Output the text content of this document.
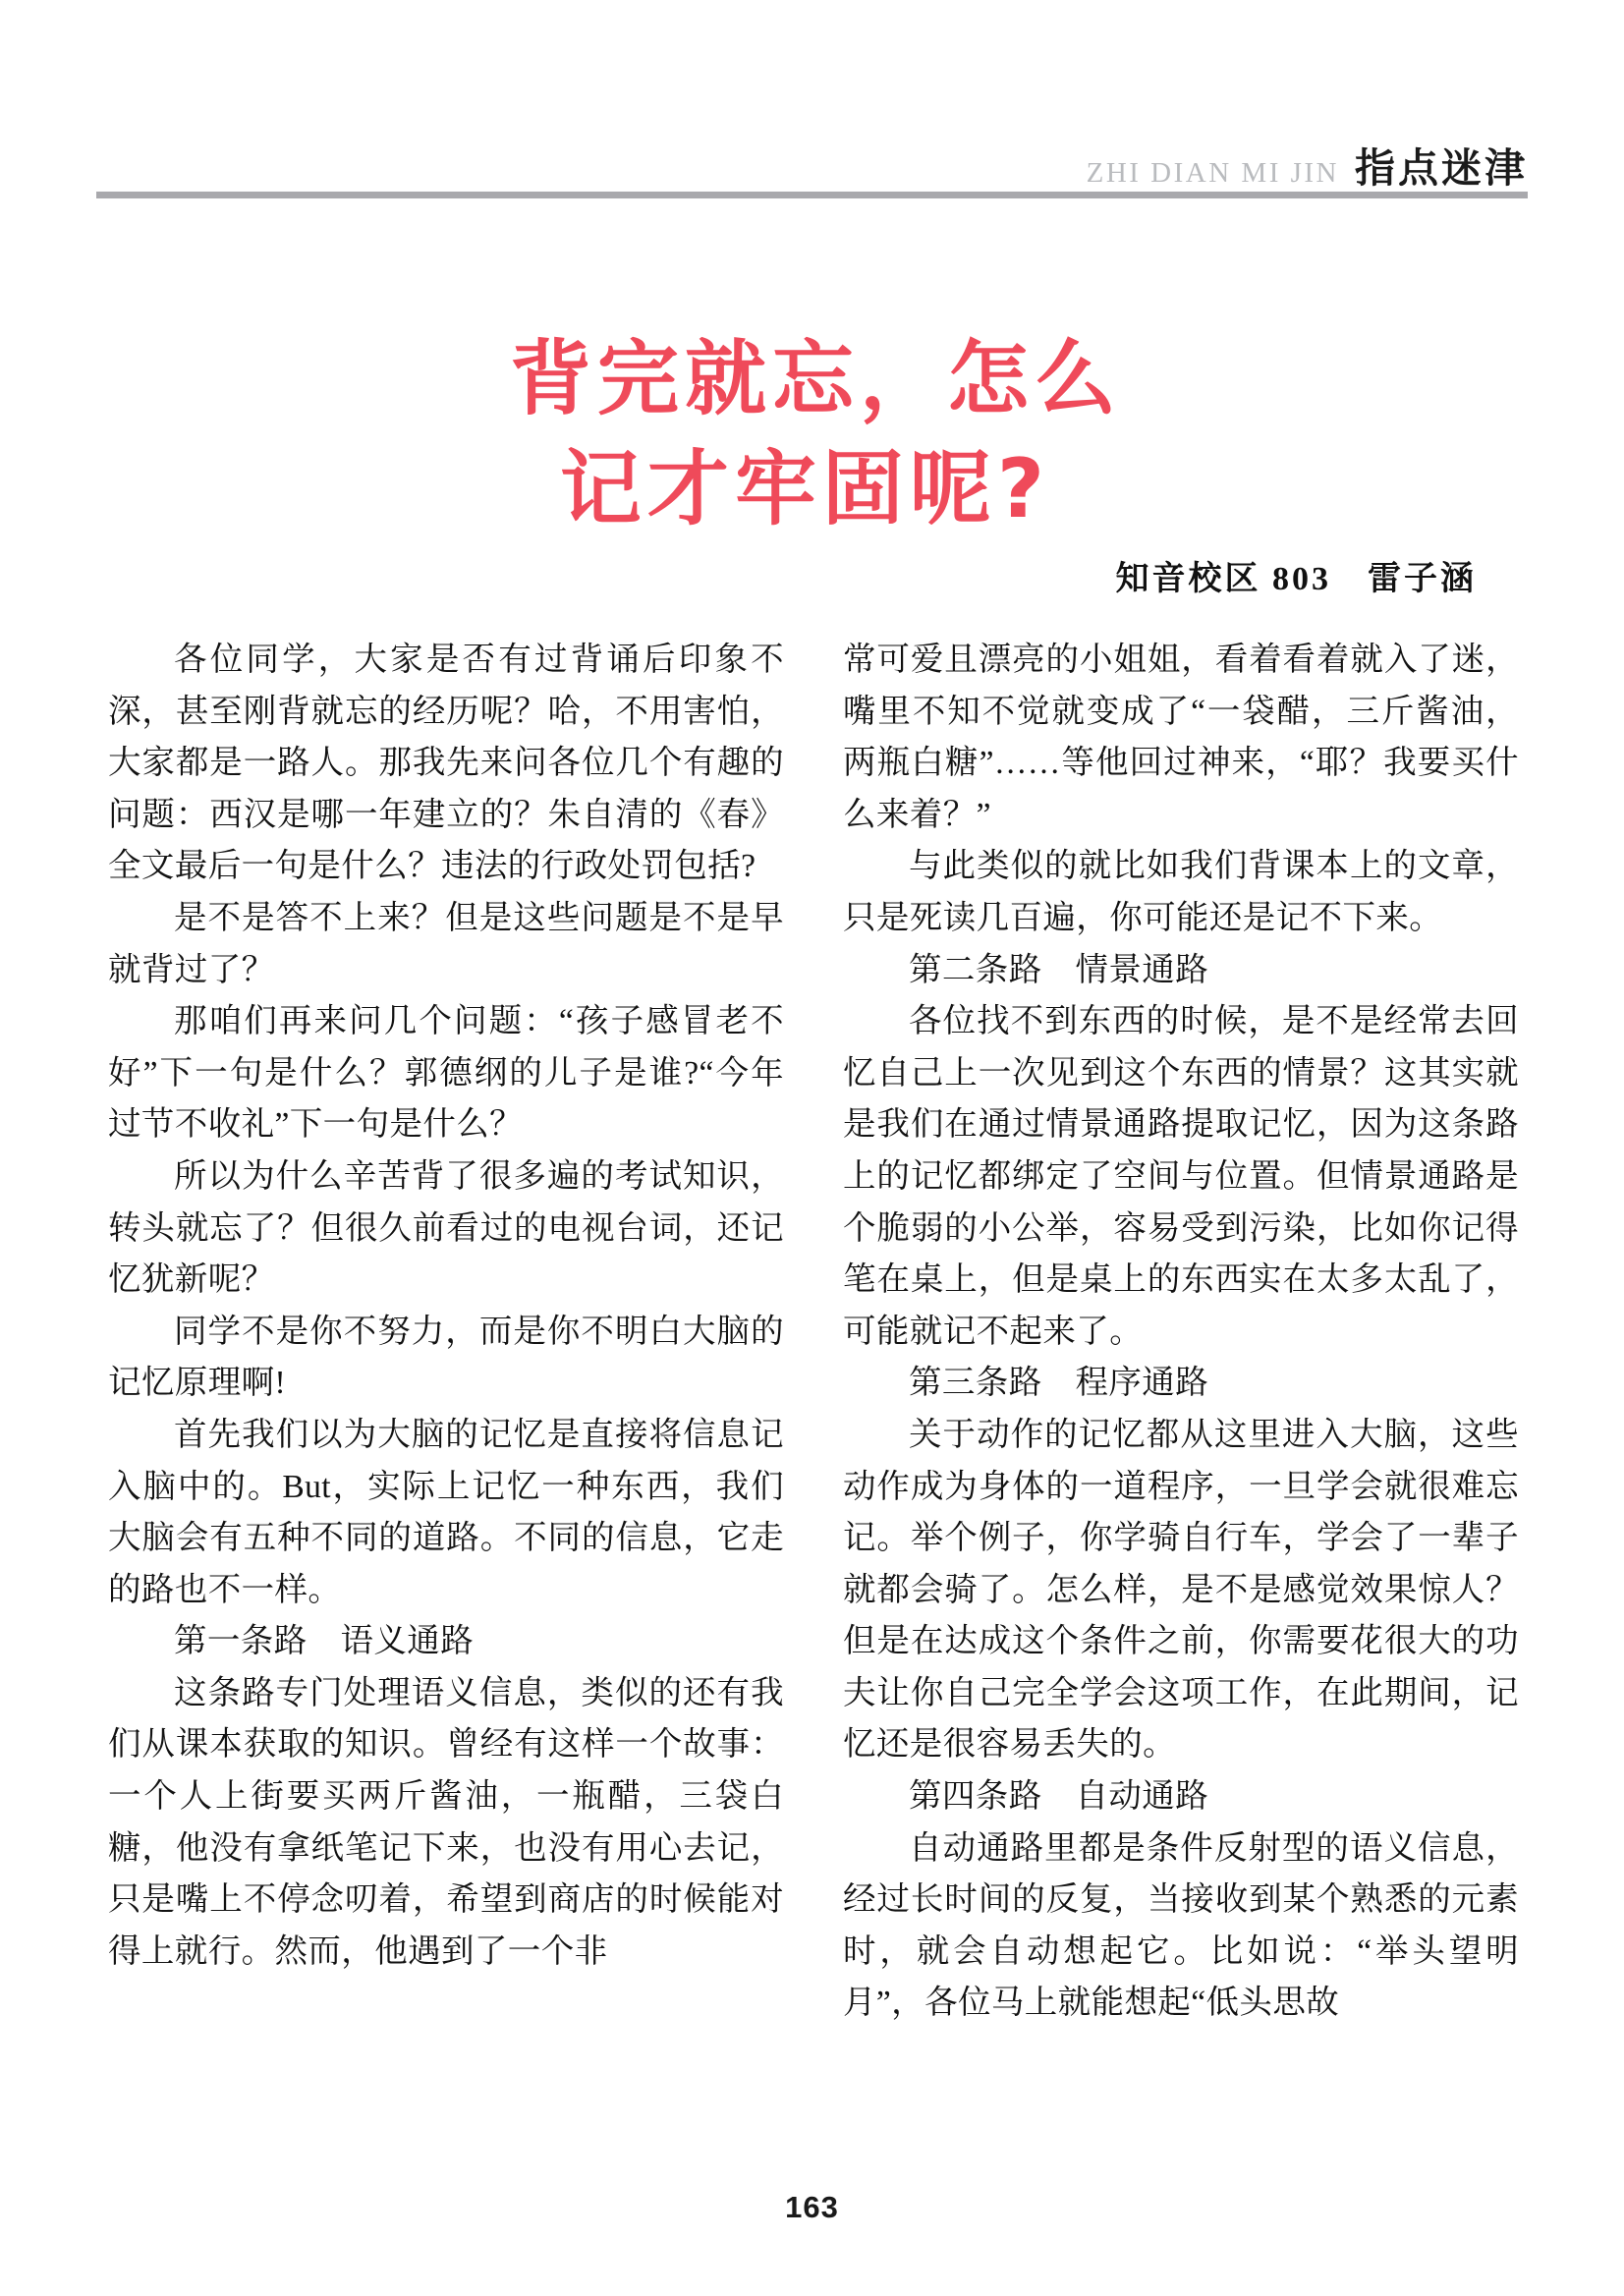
ZHI DIAN MI JIN 指点迷津
背完就忘，怎么
记才牢固呢?
知音校区 803　雷子涵

各位同学，大家是否有过背诵后印象不深，甚至刚背就忘的经历呢？哈，不用害怕，大家都是一路人。那我先来问各位几个有趣的问题：西汉是哪一年建立的？朱自清的《春》全文最后一句是什么？违法的行政处罚包括?

是不是答不上来？但是这些问题是不是早就背过了？

那咱们再来问几个问题：“孩子感冒老不好”下一句是什么？郭德纲的儿子是谁?“今年过节不收礼”下一句是什么？

所以为什么辛苦背了很多遍的考试知识，转头就忘了？但很久前看过的电视台词，还记忆犹新呢？

同学不是你不努力，而是你不明白大脑的记忆原理啊!

首先我们以为大脑的记忆是直接将信息记入脑中的。But，实际上记忆一种东西，我们大脑会有五种不同的道路。不同的信息，它走的路也不一样。

第一条路　语义通路

这条路专门处理语义信息，类似的还有我们从课本获取的知识。曾经有这样一个故事：一个人上街要买两斤酱油，一瓶醋，三袋白糖，他没有拿纸笔记下来，也没有用心去记，只是嘴上不停念叨着，希望到商店的时候能对得上就行。然而，他遇到了一个非

常可爱且漂亮的小姐姐，看着看着就入了迷，嘴里不知不觉就变成了“一袋醋，三斤酱油，两瓶白糖”……等他回过神来，“耶？我要买什么来着？”

与此类似的就比如我们背课本上的文章，只是死读几百遍，你可能还是记不下来。

第二条路　情景通路

各位找不到东西的时候，是不是经常去回忆自己上一次见到这个东西的情景？这其实就是我们在通过情景通路提取记忆，因为这条路上的记忆都绑定了空间与位置。但情景通路是个脆弱的小公举，容易受到污染，比如你记得笔在桌上，但是桌上的东西实在太多太乱了，可能就记不起来了。

第三条路　程序通路

关于动作的记忆都从这里进入大脑，这些动作成为身体的一道程序，一旦学会就很难忘记。举个例子，你学骑自行车，学会了一辈子就都会骑了。怎么样，是不是感觉效果惊人？但是在达成这个条件之前，你需要花很大的功夫让你自己完全学会这项工作，在此期间，记忆还是很容易丢失的。

第四条路　自动通路

自动通路里都是条件反射型的语义信息，经过长时间的反复，当接收到某个熟悉的元素时，就会自动想起它。比如说：“举头望明月”，各位马上就能想起“低头思故

163
